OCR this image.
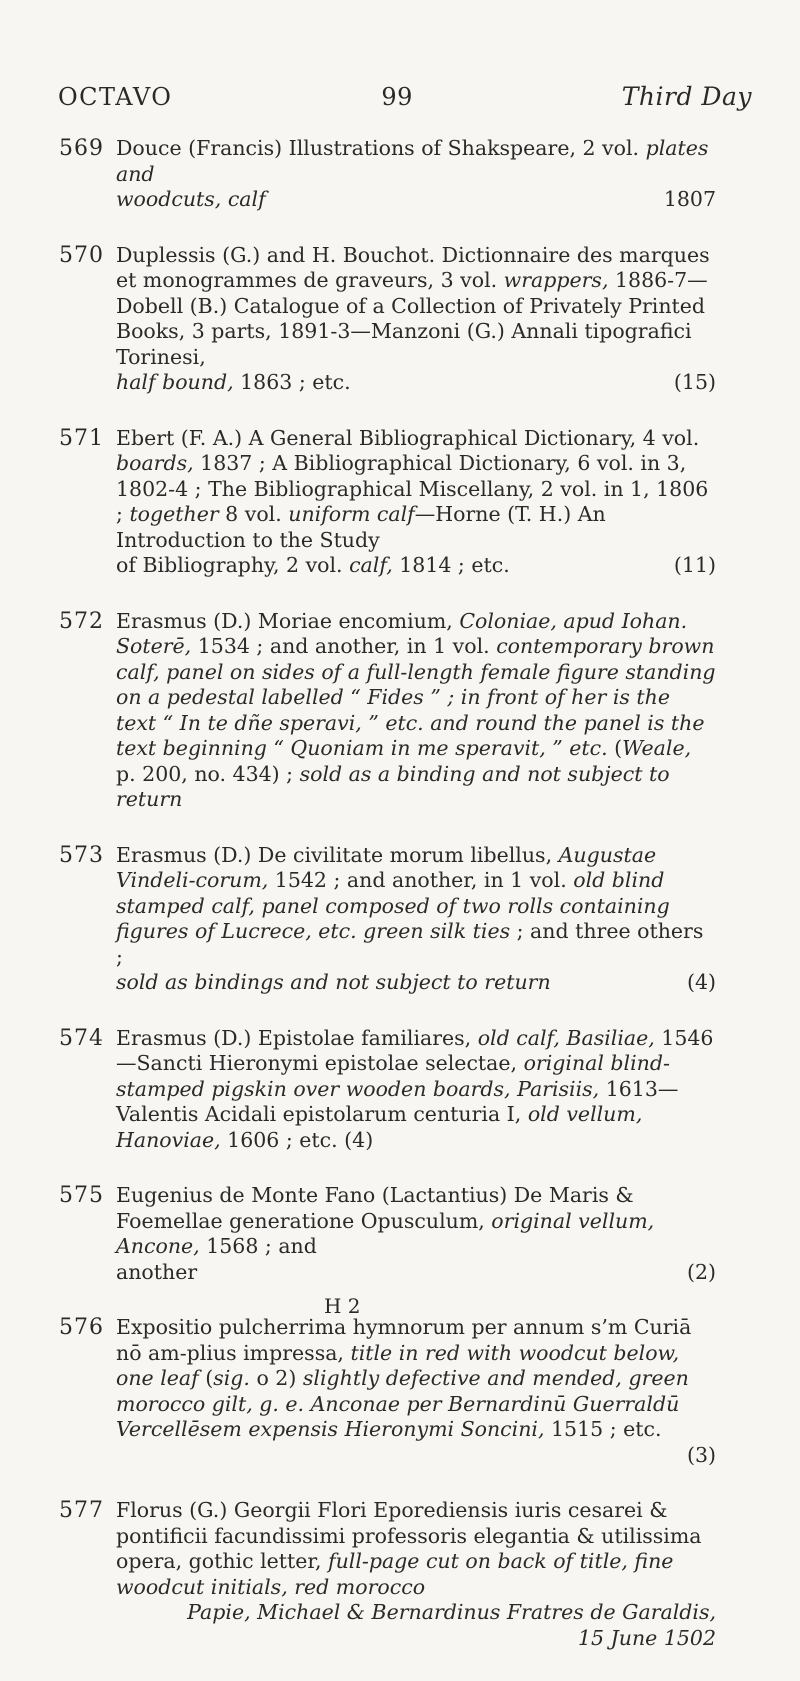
OCTAVO	99	Third Day
569 Douce (Francis) Illustrations of Shakspeare, 2 vol. plates and
woodcuts, calf	1807
570 Duplessis (G.) and H. Bouchot. Dictionnaire des marques et monogrammes de graveurs, 3 vol. wrappers, 1886-7—Dobell (B.) Catalogue of a Collection of Privately Printed Books, 3 parts, 1891-3—Manzoni (G.) Annali tipografici Torinesi,
half bound, 1863 ; etc.	(15)
571 Ebert (F. A.) A General Bibliographical Dictionary, 4 vol. boards, 1837 ; A Bibliographical Dictionary, 6 vol. in 3, 1802-4 ; The Bibliographical Miscellany, 2 vol. in 1, 1806 ; together 8 vol. uniform calf—Horne (T. H.) An Introduction to the Study
of Bibliography, 2 vol. calf, 1814 ; etc.	(11)
572 Erasmus (D.) Moriae encomium, Coloniae, apud Iohan. Soterē, 1534 ; and another, in 1 vol. contemporary brown calf, panel on sides of a full-length female figure standing on a pedestal labelled “ Fides ” ; in front of her is the text “ In te dñe speravi, ” etc. and round the panel is the text beginning “ Quoniam in me speravit, ” etc. (Weale, p. 200, no. 434) ; sold as a binding and not subject to return
573 Erasmus (D.) De civilitate morum libellus, Augustae Vindeli-corum, 1542 ; and another, in 1 vol. old blind stamped calf, panel composed of two rolls containing figures of Lucrece, etc. green silk ties ; and three others ;
sold as bindings and not subject to return	(4)
574 Erasmus (D.) Epistolae familiares, old calf, Basiliae, 1546—Sancti Hieronymi epistolae selectae, original blind-stamped pigskin over wooden boards, Parisiis, 1613—Valentis Acidali epistolarum centuria I, old vellum, Hanoviae, 1606 ; etc. (4)
575 Eugenius de Monte Fano (Lactantius) De Maris & Foemellae generatione Opusculum, original vellum, Ancone, 1568 ; and
another	(2)
576 Expositio pulcherrima hymnorum per annum s’m Curiā nō am-plius impressa, title in red with woodcut below, one leaf (sig. o 2) slightly defective and mended, green morocco gilt, g. e. Anconae per Bernardinū Guerraldū Vercellēsem expensis Hieronymi Soncini, 1515 ; etc.
(3)
577 Florus (G.) Georgii Flori Eporediensis iuris cesarei & pontificii facundissimi professoris elegantia & utilissima opera, gothic letter, full-page cut on back of title, fine woodcut initials, red morocco
Papie, Michael & Bernardinus Fratres de Garaldis,
15 June 1502
H 2
